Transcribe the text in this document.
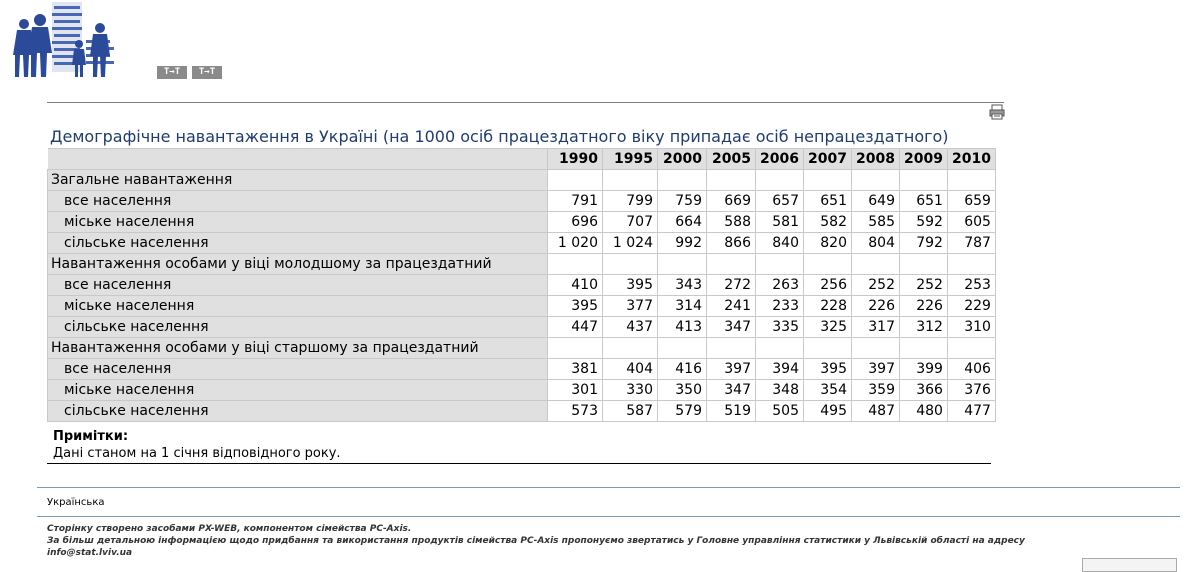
T→T	T→T
Демографічне навантаження в Україні (на 1000 осіб працездатного віку припадає осіб непрацездатного)
	1990	1995	2000	2005	2006	2007	2008	2009	2010
Загальне навантаження									
все населення	791	799	759	669	657	651	649	651	659
міське населення	696	707	664	588	581	582	585	592	605
сільське населення	1 020	1 024	992	866	840	820	804	792	787
Навантаження особами у віці молодшому за працездатний									
все населення	410	395	343	272	263	256	252	252	253
міське населення	395	377	314	241	233	228	226	226	229
сільське населення	447	437	413	347	335	325	317	312	310
Навантаження особами у віці старшому за працездатний									
все населення	381	404	416	397	394	395	397	399	406
міське населення	301	330	350	347	348	354	359	366	376
сільське населення	573	587	579	519	505	495	487	480	477
Примітки:
Дані станом на 1 січня відповідного року.
Українська
Сторінку створено засобами PX-WEB, компонентом сімейства PC-Axis.
За більш детальною інформацією щодо придбання та використання продуктів сімейства PC-Axis пропонуємо звертатись у Головне управління статистики у Львівській області на адресу
info@stat.lviv.ua
